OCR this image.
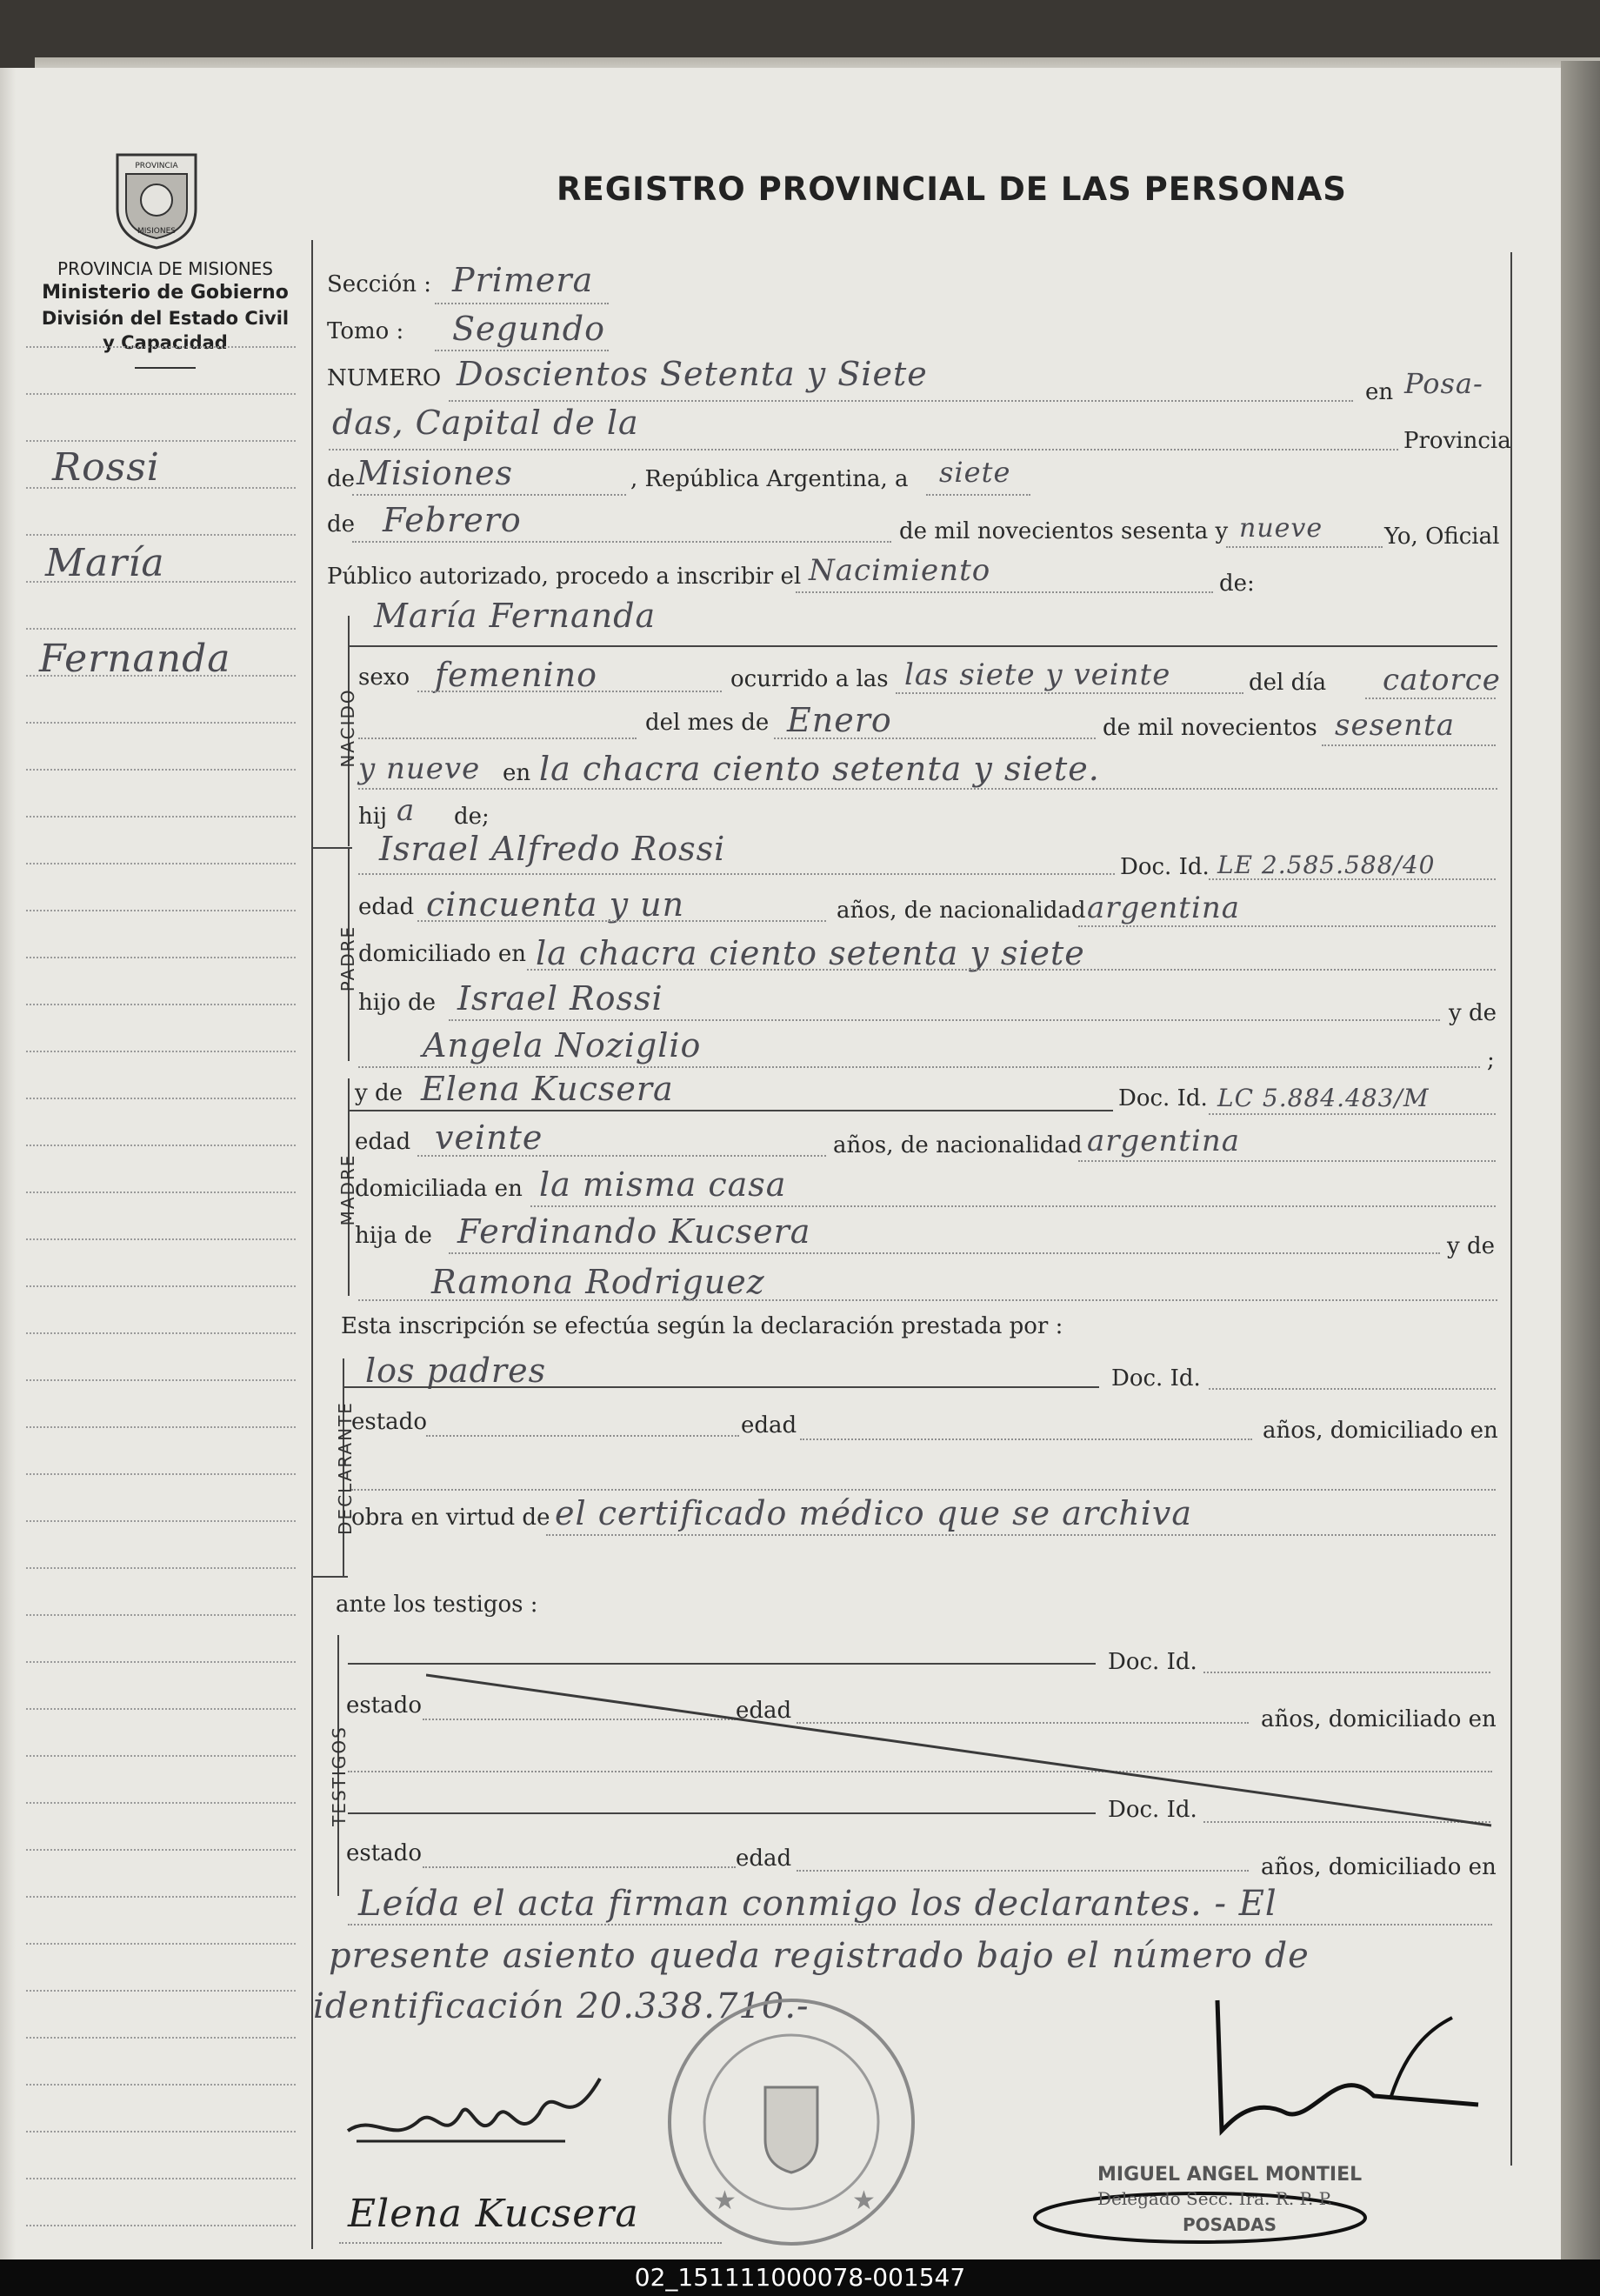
PROVINCIA
MISIONES
PROVINCIA DE MISIONES
Ministerio de Gobierno
División del Estado Civil
y Capacidad
REGISTRO PROVINCIAL DE LAS PERSONAS
Rossi
María
Fernanda
Sección : Primera
Tomo : Segundo
NUMERO Doscientos Setenta y Siete	en Posa-
das, Capital de la	Provincia
de Misiones	, República Argentina, a siete
de Febrero	de mil novecientos sesenta y nueve	Yo, Oficial
Público autorizado, procedo a inscribir el Nacimiento	de:
NACIDO
María Fernanda
sexo femenino	ocurrido a las las siete y veinte	del día catorce
del mes de Enero	de mil novecientos sesenta
y nueve en la chacra ciento setenta y siete.
hij a de;
PADRE
Israel Alfredo Rossi	Doc. Id. LE 2.585.588/40
edad cincuenta y un	años, de nacionalidad argentina
domiciliado en la chacra ciento setenta y siete
hijo de Israel Rossi	y de
Angela Noziglio	;
MADRE
y de Elena Kucsera	Doc. Id. LC 5.884.483/M
edad veinte	años, de nacionalidad argentina
domiciliada en la misma casa
hija de Ferdinando Kucsera	y de
Ramona Rodriguez
Esta inscripción se efectúa según la declaración prestada por :
DECLARANTE
los padres	Doc. Id.
estado	edad	años, domiciliado en
obra en virtud de el certificado médico que se archiva
ante los testigos :
TESTIGOS
Doc. Id.
estado	edad	años, domiciliado en
Doc. Id.
estado	edad	años, domiciliado en
Leída el acta firman conmigo los declarantes. - El
presente asiento queda registrado bajo el número de
identificación 20.338.710.-
★	★
Elena Kucsera
MIGUEL ANGEL MONTIEL
Delegado Secc. Ira. R. P. P.
POSADAS
02_151111000078-001547
